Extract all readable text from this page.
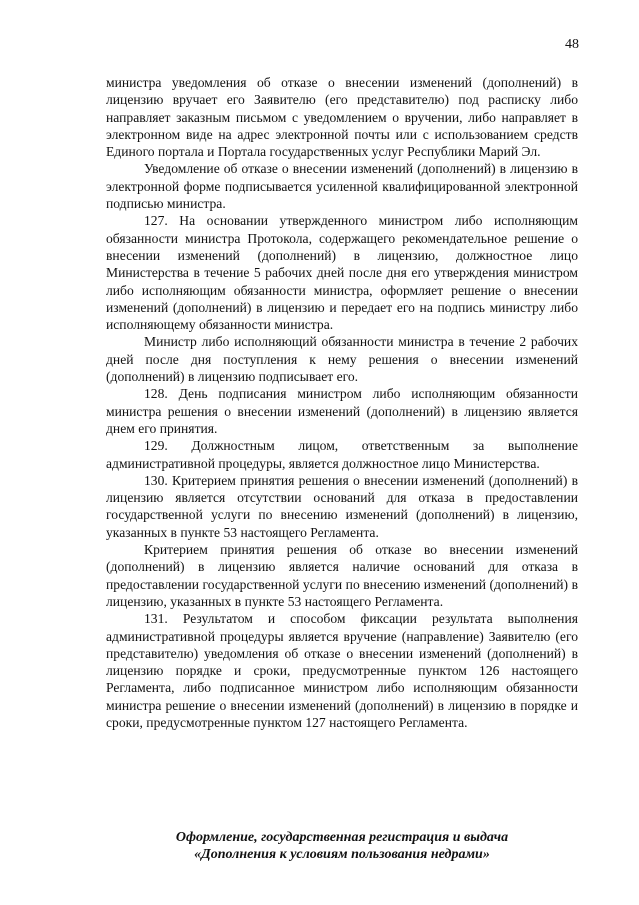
48

министра уведомления об отказе о внесении изменений (дополнений) в лицензию вручает его Заявителю (его представителю) под расписку либо направляет заказным письмом с уведомлением о вручении, либо направляет в электронном виде на адрес электронной почты или с использованием средств Единого портала и Портала государственных услуг Республики Марий Эл.

Уведомление об отказе о внесении изменений (дополнений) в лицензию в электронной форме подписывается усиленной квалифицированной электронной подписью министра.

127. На основании утвержденного министром либо исполняющим обязанности министра Протокола, содержащего рекомендательное решение о внесении изменений (дополнений) в лицензию, должностное лицо Министерства в течение 5 рабочих дней после дня его утверждения министром либо исполняющим обязанности министра, оформляет решение о внесении изменений (дополнений) в лицензию и передает его на подпись министру либо исполняющему обязанности министра.

Министр либо исполняющий обязанности министра в течение 2 рабочих дней после дня поступления к нему решения о внесении изменений (дополнений) в лицензию подписывает его.

128. День подписания министром либо исполняющим обязанности министра решения о внесении изменений (дополнений) в лицензию является днем его принятия.

129. Должностным лицом, ответственным за выполнение административной процедуры, является должностное лицо Министерства.

130. Критерием принятия решения о внесении изменений (дополнений) в лицензию является отсутствии оснований для отказа в предоставлении государственной услуги по внесению изменений (дополнений) в лицензию, указанных в пункте 53 настоящего Регламента.

Критерием принятия решения об отказе во внесении изменений (дополнений) в лицензию является наличие оснований для отказа в предоставлении государственной услуги по внесению изменений (дополнений) в лицензию, указанных в пункте 53 настоящего Регламента.

131. Результатом и способом фиксации результата выполнения административной процедуры является вручение (направление) Заявителю (его представителю) уведомления об отказе о внесении изменений (дополнений) в лицензию порядке и сроки, предусмотренные пунктом 126 настоящего Регламента, либо подписанное министром либо исполняющим обязанности министра решение о внесении изменений (дополнений) в лицензию в порядке и сроки, предусмотренные пунктом 127 настоящего Регламента.

Оформление, государственная регистрация и выдача
«Дополнения к условиям пользования недрами»
